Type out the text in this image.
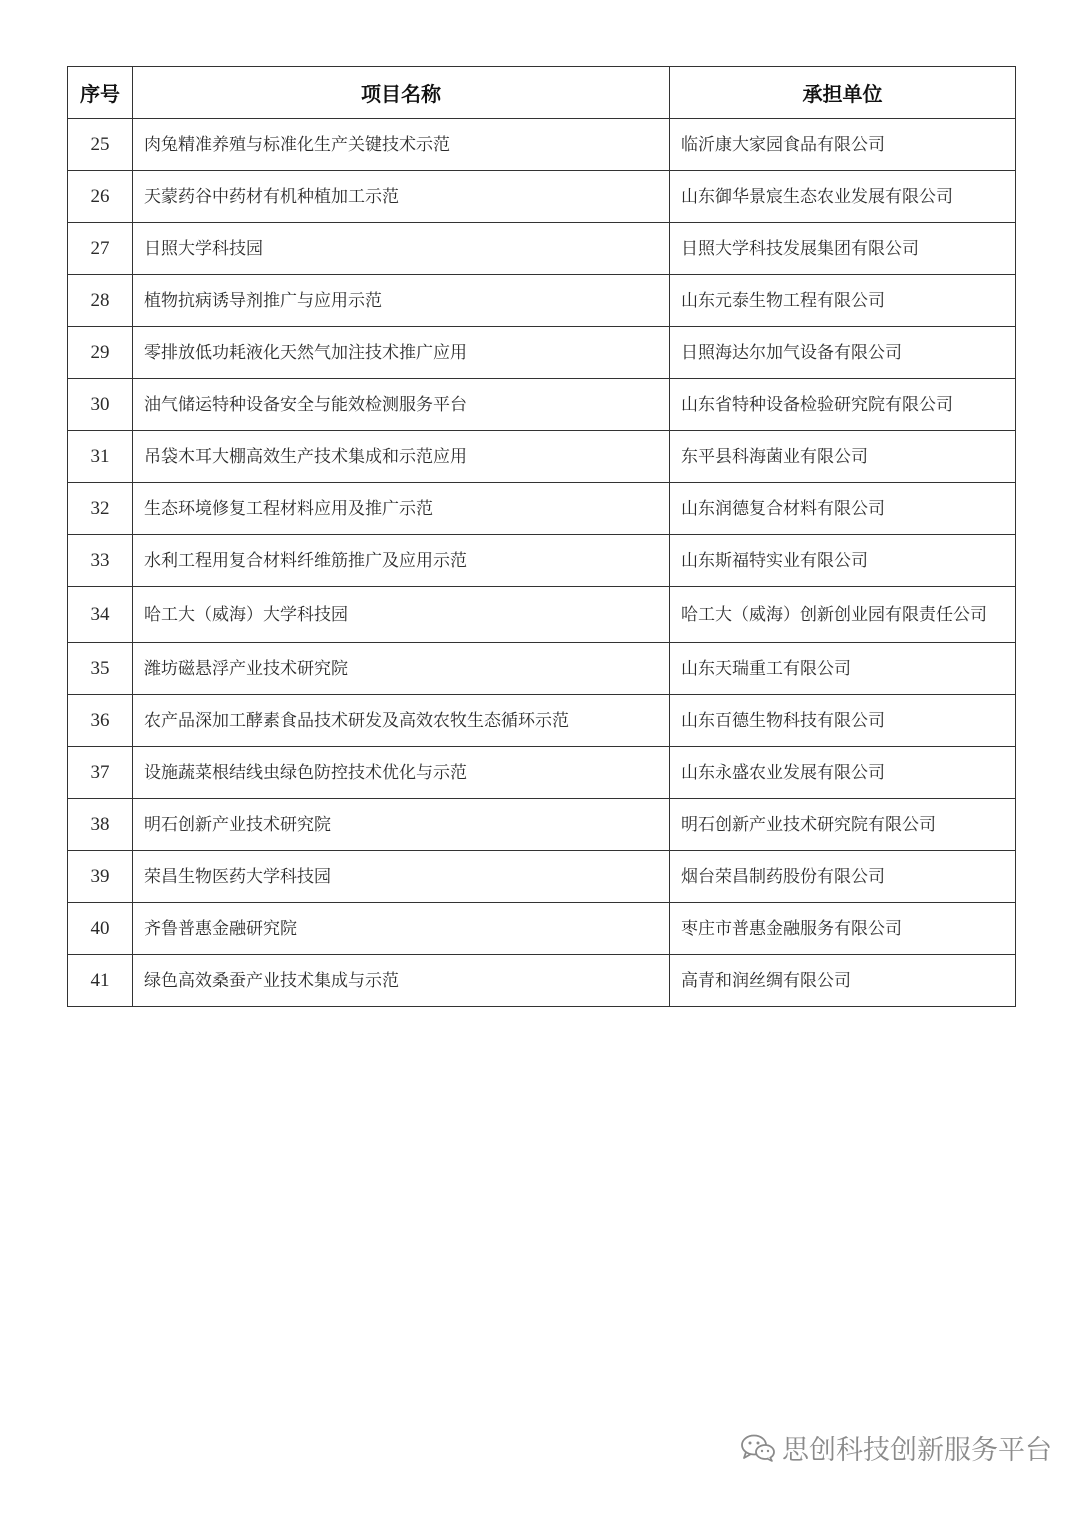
序号	项目名称	承担单位
25	肉兔精准养殖与标准化生产关键技术示范	临沂康大家园食品有限公司
26	天蒙药谷中药材有机种植加工示范	山东御华景宸生态农业发展有限公司
27	日照大学科技园	日照大学科技发展集团有限公司
28	植物抗病诱导剂推广与应用示范	山东元泰生物工程有限公司
29	零排放低功耗液化天然气加注技术推广应用	日照海达尔加气设备有限公司
30	油气储运特种设备安全与能效检测服务平台	山东省特种设备检验研究院有限公司
31	吊袋木耳大棚高效生产技术集成和示范应用	东平县科海菌业有限公司
32	生态环境修复工程材料应用及推广示范	山东润德复合材料有限公司
33	水利工程用复合材料纤维筋推广及应用示范	山东斯福特实业有限公司
34	哈工大（威海）大学科技园	哈工大（威海）创新创业园有限责任公司
35	潍坊磁悬浮产业技术研究院	山东天瑞重工有限公司
36	农产品深加工酵素食品技术研发及高效农牧生态循环示范	山东百德生物科技有限公司
37	设施蔬菜根结线虫绿色防控技术优化与示范	山东永盛农业发展有限公司
38	明石创新产业技术研究院	明石创新产业技术研究院有限公司
39	荣昌生物医药大学科技园	烟台荣昌制药股份有限公司
40	齐鲁普惠金融研究院	枣庄市普惠金融服务有限公司
41	绿色高效桑蚕产业技术集成与示范	高青和润丝绸有限公司
思创科技创新服务平台
